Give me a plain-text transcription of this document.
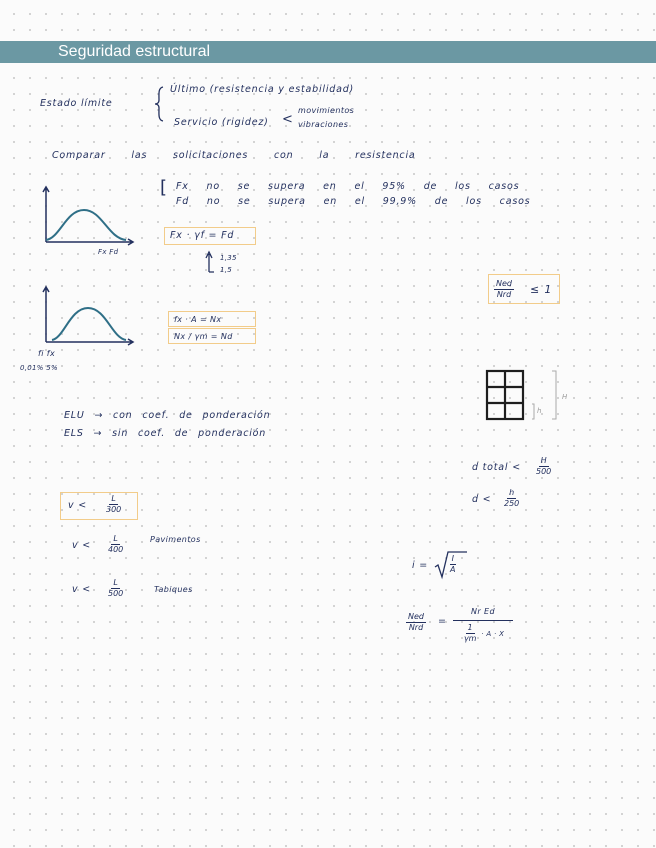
Seguridad estructural
Estado límite
Último (resistencia y estabilidad)
Servicio (rigidez) <
movimientos
vibraciones
Comparar las solicitaciones con la resistencia
Fx Fd
[ Fx no se supera en el 95% de los casos
Fd no se supera en el 99,9% de los casos
Fx · γf = Fd
1,35
1,5
fi fx
0,01% 5%
fx · A = Nx
Nx / γm = Nd
Ned
Nrd ≤ 1
h
H
ELU → con coef. de ponderación
ELS → sin coef. de ponderación
$v < \frac{L}{300}$
$v < \frac{L}{400}$	Pavimentos
$v < \frac{L}{500}$	Tabiques
d total < $\frac{H}{500}$
$d < \frac{h}{250}$
$i = \frac{I}{A}$
Ned
Nrd
=
Nr Ed
$\frac{1}{\gamma m} \cdot A \cdot X$
